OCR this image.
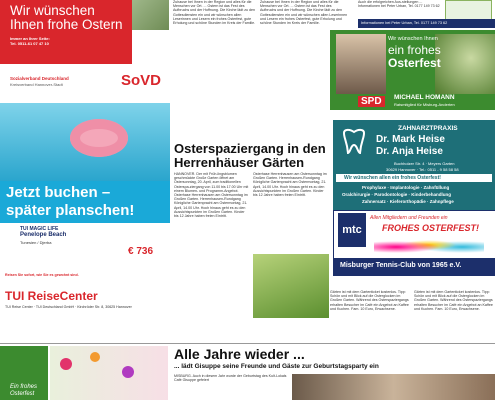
Wir wünschen Ihnen frohe Ostern
Immer an Ihrer Seite:
Tel. 0511-61 07 47 10
Sozialverband Deutschland
Kreisverband Hannover-Stadt	SoVD
Zuhause bei Ihnen in der Region und alles für die Menschen vor Ort. ... Ostern ist das Fest des Aufbruchs und der Hoffnung. Die Kirche lädt zu den Gottesdiensten ein und wir wünschen allen Leserinnen und Lesern ein frohes Osterfest, gute Erholung und schöne Stunden im Kreis der Familie.
Zuhause bei Ihnen in der Region und alles für die Menschen vor Ort. ... Ostern ist das Fest des Aufbruchs und der Hoffnung. Die Kirche lädt zu den Gottesdiensten ein und wir wünschen allen Leserinnen und Lesern ein frohes Osterfest, gute Erholung und schöne Stunden im Kreis der Familie.
Auch die erfolgreichen Aus-stellungen ... Informationen bei Peter Urban, Tel. 0177 149 73 62
Informationen bei Peter Urban, Tel. 0177 149 73 62
Wir wünschen Ihnen
ein frohes
Osterfest
SPD	MICHAEL HOMANN
Ratsmitglied für Misburg-Anderten
Jetzt buchen –
später planschen!
TUI MAGIC LIFE
Penelope Beach
Tunesien / Djerba
€ 736
Reisen Sie sofort, wie Sie es gewohnt sind.
TUI ReiseCenter
TUI Reise Center · TUI Deutschland GmbH · Kirchröder Str. 8, 30625 Hannover
Osterspaziergang in den
Herrenhäuser Gärten
HANNOVER. Der mit Früh-lingsblumen geschmückte Große Garten öffnet am Ostersonntag, 20. April, zum traditionellen Osterspa-ziergang von 11.00 bis 17.00 Uhr mit einem Blumen- und Programm-Angebot. Osterhase Herrenhausen am Ostersonntag im Großen Garten. Herrenhausen-Rundgang Königliche Gartenpracht am Ostermontag, 21. April, 14.00 Uhr. Hoch hinaus geht es zu den Aussichtspunkten im Großen Garten. Kinder bis 12 Jahre haben freien Eintritt.
Osterhase Herrenhausen am Ostersonntag im Großen Garten. Herrenhausen-Rundgang Königliche Gartenpracht am Ostermontag, 21. April, 14.00 Uhr. Hoch hinaus geht es zu den Aussichtspunkten im Großen Garten. Kinder bis 12 Jahre haben freien Eintritt.
Gärten ist mit dem Gartenticket kostenlos. Tipp: Schön und mit Blick auf die Osterglocken im Großen Garten. Während des Osterspaziergangs erhalten Besucher im Café ein Angebot an Kaffee und Kuchen. Fam. 10 Euro, Erwachsene.
Gärten ist mit dem Gartenticket kostenlos. Tipp: Schön und mit Blick auf die Osterglocken im Großen Garten. Während des Osterspaziergangs erhalten Besucher im Café ein Angebot an Kaffee und Kuchen. Fam. 10 Euro, Erwachsene.
ZAHNARZTPRAXIS
Dr. Mark Heise
Dr. Anja Heise
Buchholzer Str. 4 · Meyers Garten
30629 Hannover · Tel.: 0511 - 9 58 58 58
Wir wünschen allen ein frohes Osterfest!
Prophylaxe · Implantologie · Zahnfüllung
Oralchirurgie · Parodontologie · Kinderbehandlung
Zahnersatz · Kieferorthopädie · Zahnpflege
mtc
Allen Mitgliedern und Freunden ein
FROHES OSTERFEST!
Misburger Tennis-Club von 1965 e.V.
Ein frohes
Osterfest
Alle Jahre wieder ...
... lädt Gisuppe seine Freunde und Gäste zur Geburtstagsparty ein
MISBURG. Auch in diesem Jahr wurde der Geburtstag des Kult-Lokals Café Gisuppe gefeiert
